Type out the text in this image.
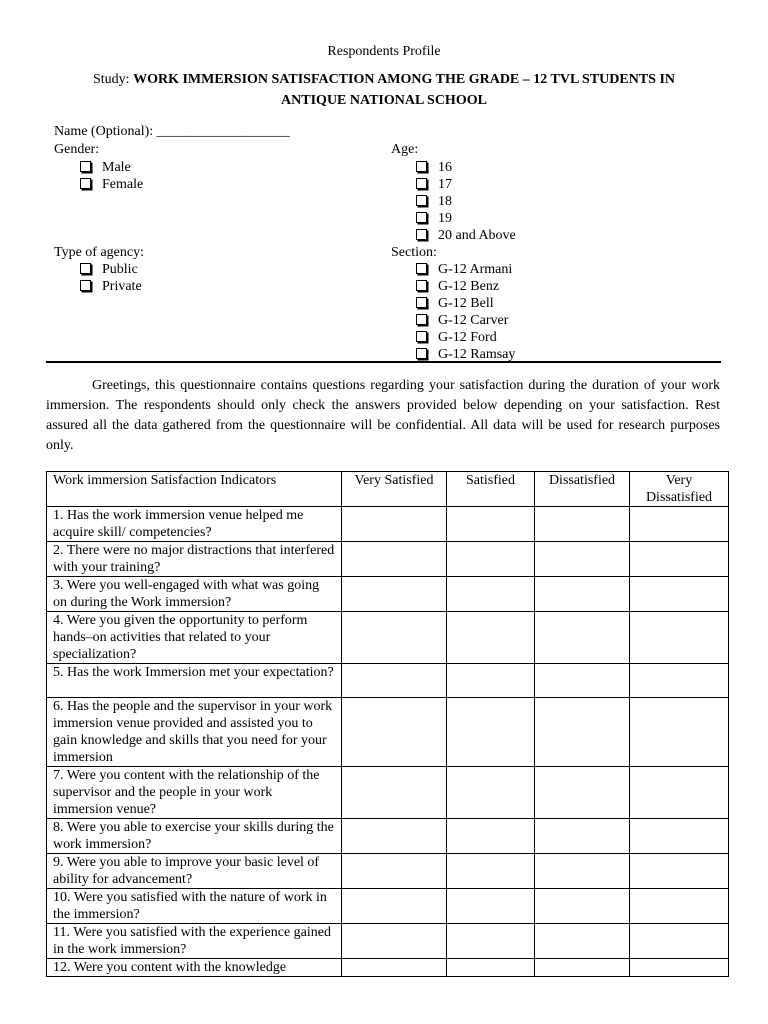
Respondents Profile
Study: WORK IMMERSION SATISFACTION AMONG THE GRADE – 12 TVL STUDENTS IN
ANTIQUE NATIONAL SCHOOL
Name (Optional): ___________________
Gender:
Male
Female
Age:
16
17
18
19
20 and Above
Type of agency:
Public
Private
Section:
G-12 Armani
G-12 Benz
G-12 Bell
G-12 Carver
G-12 Ford
G-12 Ramsay
Greetings, this questionnaire contains questions regarding your satisfaction during the duration of your work immersion. The respondents should only check the answers provided below depending on your satisfaction. Rest assured all the data gathered from the questionnaire will be confidential. All data will be used for research purposes only.
Work immersion Satisfaction Indicators	Very Satisfied	Satisfied	Dissatisfied	Very Dissatisfied
1. Has the work immersion venue helped me acquire skill/ competencies?				
2. There were no major distractions that interfered with your training?				
3. Were you well-engaged with what was going on during the Work immersion?				
4. Were you given the opportunity to perform hands–on activities that related to your specialization?				
5. Has the work Immersion met your expectation?				
6. Has the people and the supervisor in your work immersion venue provided and assisted you to gain knowledge and skills that you need for your immersion				
7. Were you content with the relationship of the supervisor and the people in your work immersion venue?				
8. Were you able to exercise your skills during the work immersion?				
9. Were you able to improve your basic level of ability for advancement?				
10. Were you satisfied with the nature of work in the immersion?				
11. Were you satisfied with the experience gained in the work immersion?				
12. Were you content with the knowledge				
